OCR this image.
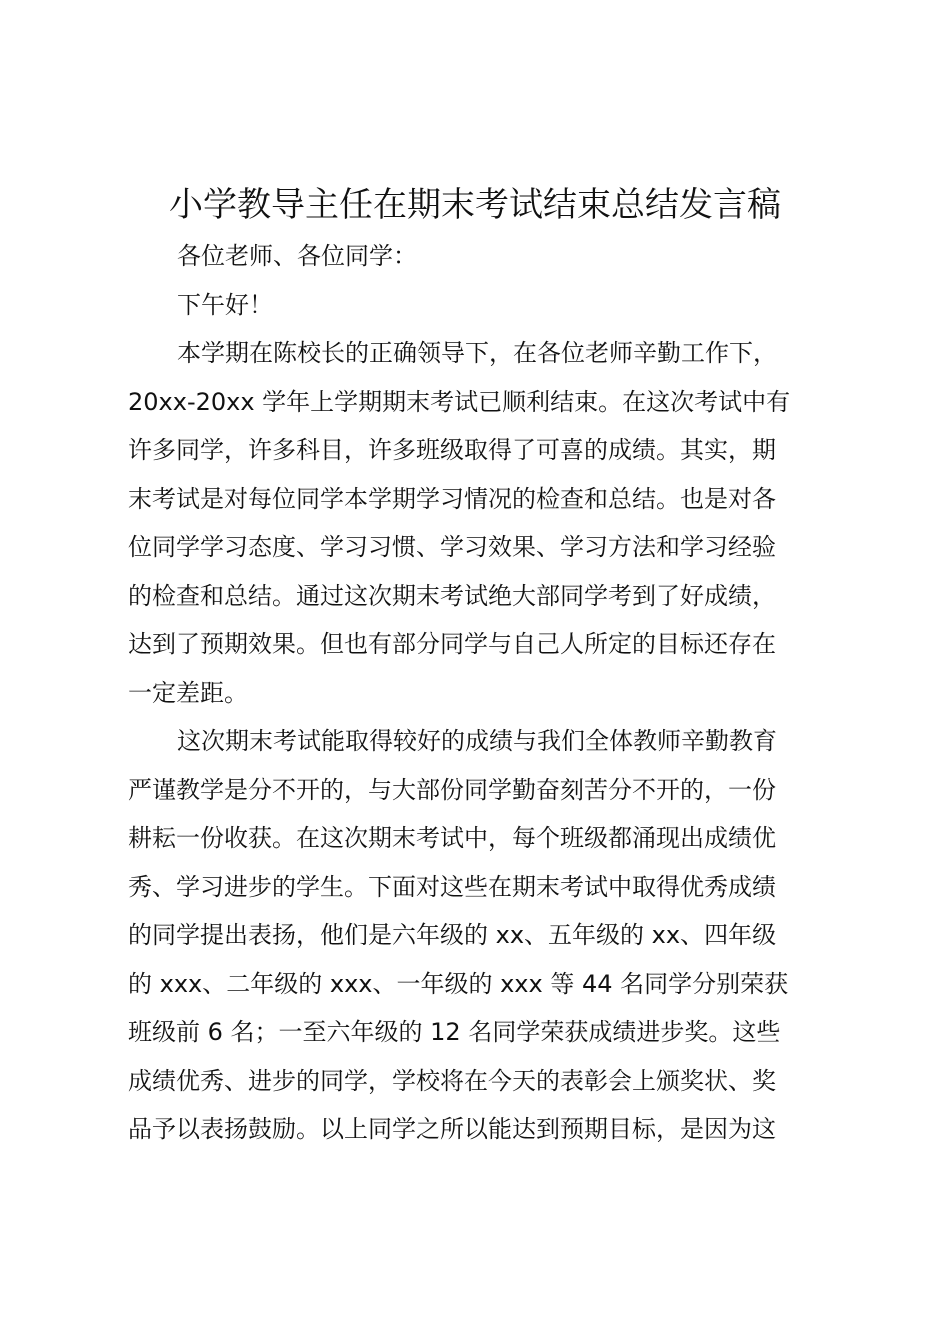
小学教导主任在期末考试结束总结发言稿
各位老师、各位同学：
下午好！
本学期在陈校长的正确领导下，在各位老师辛勤工作下，
20xx-20xx 学年上学期期末考试已顺利结束。在这次考试中有
许多同学，许多科目，许多班级取得了可喜的成绩。其实，期
末考试是对每位同学本学期学习情况的检查和总结。也是对各
位同学学习态度、学习习惯、学习效果、学习方法和学习经验
的检查和总结。通过这次期末考试绝大部同学考到了好成绩，
达到了预期效果。但也有部分同学与自己人所定的目标还存在
一定差距。
这次期末考试能取得较好的成绩与我们全体教师辛勤教育
严谨教学是分不开的，与大部份同学勤奋刻苦分不开的，一份
耕耘一份收获。在这次期末考试中，每个班级都涌现出成绩优
秀、学习进步的学生。下面对这些在期末考试中取得优秀成绩
的同学提出表扬，他们是六年级的 xx、五年级的 xx、四年级
的 xxx、二年级的 xxx、一年级的 xxx 等 44 名同学分别荣获
班级前 6 名；一至六年级的 12 名同学荣获成绩进步奖。这些
成绩优秀、进步的同学，学校将在今天的表彰会上颁奖状、奖
品予以表扬鼓励。以上同学之所以能达到预期目标，是因为这
